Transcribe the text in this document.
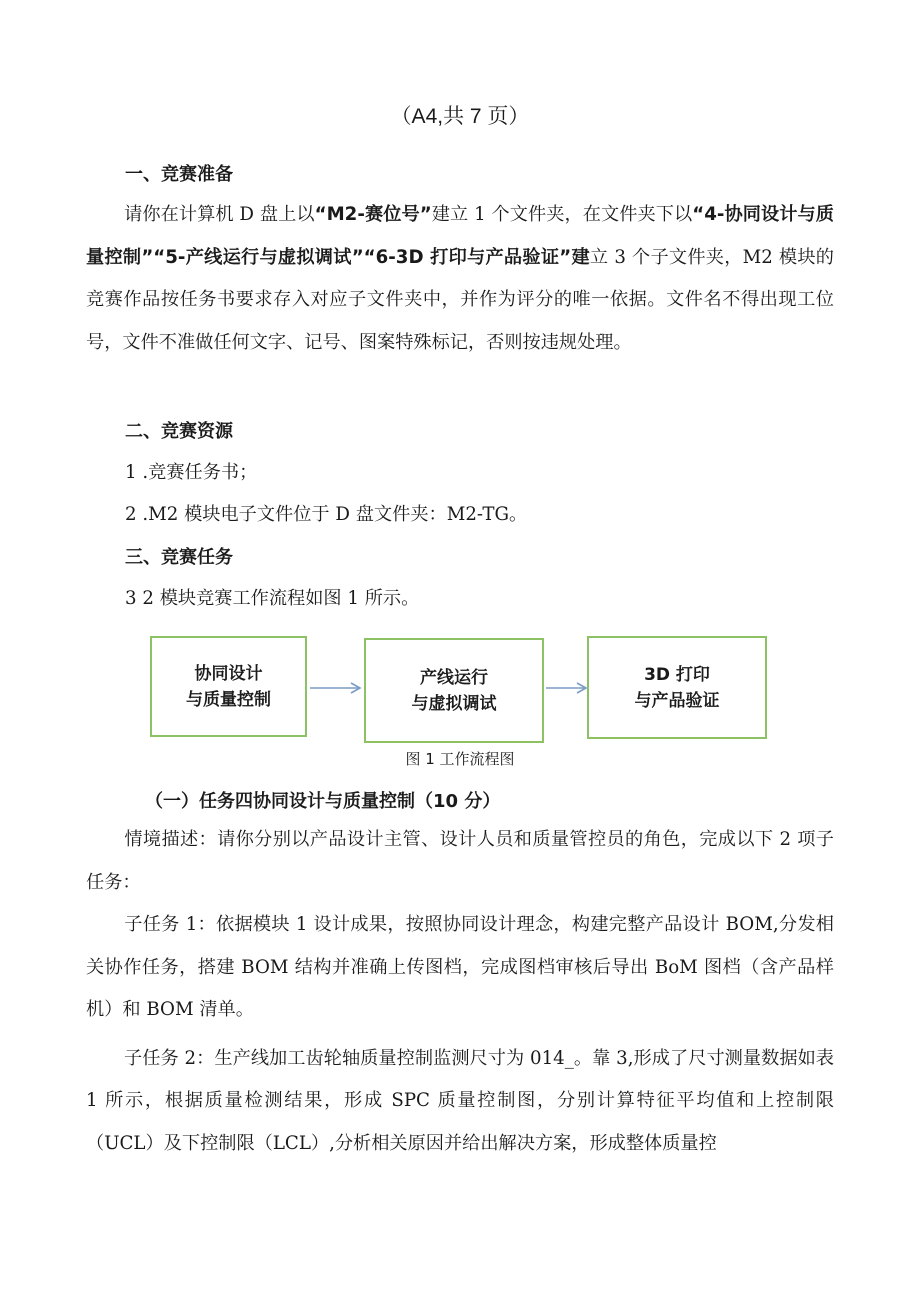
（A4,共 7 页）
一、竞赛准备
请你在计算机 D 盘上以“M2-赛位号”建立 1 个文件夹，在文件夹下以“4-协同设计与质量控制”“5-产线运行与虚拟调试”“6-3D 打印与产品验证”建立 3 个子文件夹，M2 模块的竞赛作品按任务书要求存入对应子文件夹中，并作为评分的唯一依据。文件名不得出现工位号，文件不准做任何文字、记号、图案特殊标记，否则按违规处理。
二、竞赛资源
1 .竞赛任务书；
2 .M2 模块电子文件位于 D 盘文件夹：M2-TG。
三、竞赛任务
3 2 模块竞赛工作流程如图 1 所示。
协同设计
与质量控制
产线运行
与虚拟调试
3D 打印
与产品验证
图 1 工作流程图
（一）任务四协同设计与质量控制（10 分）
情境描述：请你分别以产品设计主管、设计人员和质量管控员的角色，完成以下 2 项子任务：
子任务 1：依据模块 1 设计成果，按照协同设计理念，构建完整产品设计 BOM,分发相关协作任务，搭建 BOM 结构并准确上传图档，完成图档审核后导出 BoM 图档（含产品样机）和 BOM 清单。
子任务 2：生产线加工齿轮轴质量控制监测尺寸为 014_。靠 3,形成了尺寸测量数据如表 1 所示，根据质量检测结果，形成 SPC 质量控制图，分别计算特征平均值和上控制限（UCL）及下控制限（LCL）,分析相关原因并给出解决方案，形成整体质量控
